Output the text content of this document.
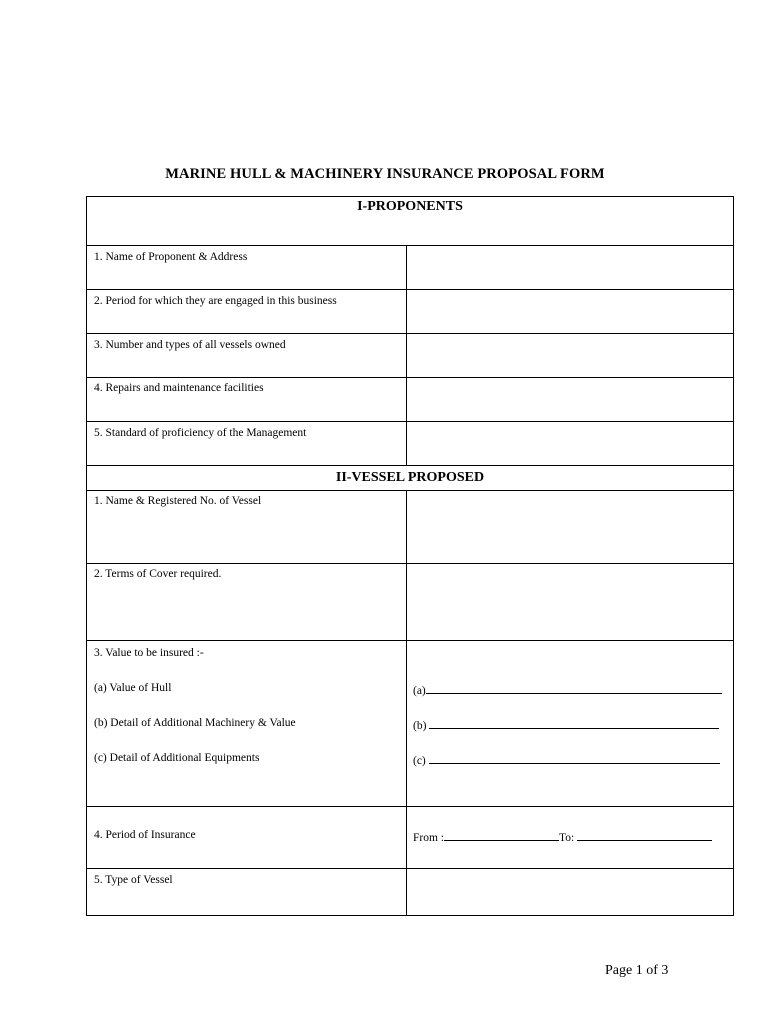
MARINE HULL & MACHINERY INSURANCE PROPOSAL FORM
I-PROPONENTS
1. Name of Proponent & Address
2. Period for which they are engaged in this business
3. Number and types of all vessels owned
4. Repairs and maintenance facilities
5. Standard of proficiency of the Management
II-VESSEL PROPOSED
1. Name & Registered No. of Vessel
2. Terms of Cover required.
3. Value to be insured :-
(a) Value of Hull
(b) Detail of Additional Machinery & Value
(c) Detail of Additional Equipments
(a)
(b)
(c)
4. Period of Insurance	From :	To:
5. Type of Vessel
Page 1 of 3
